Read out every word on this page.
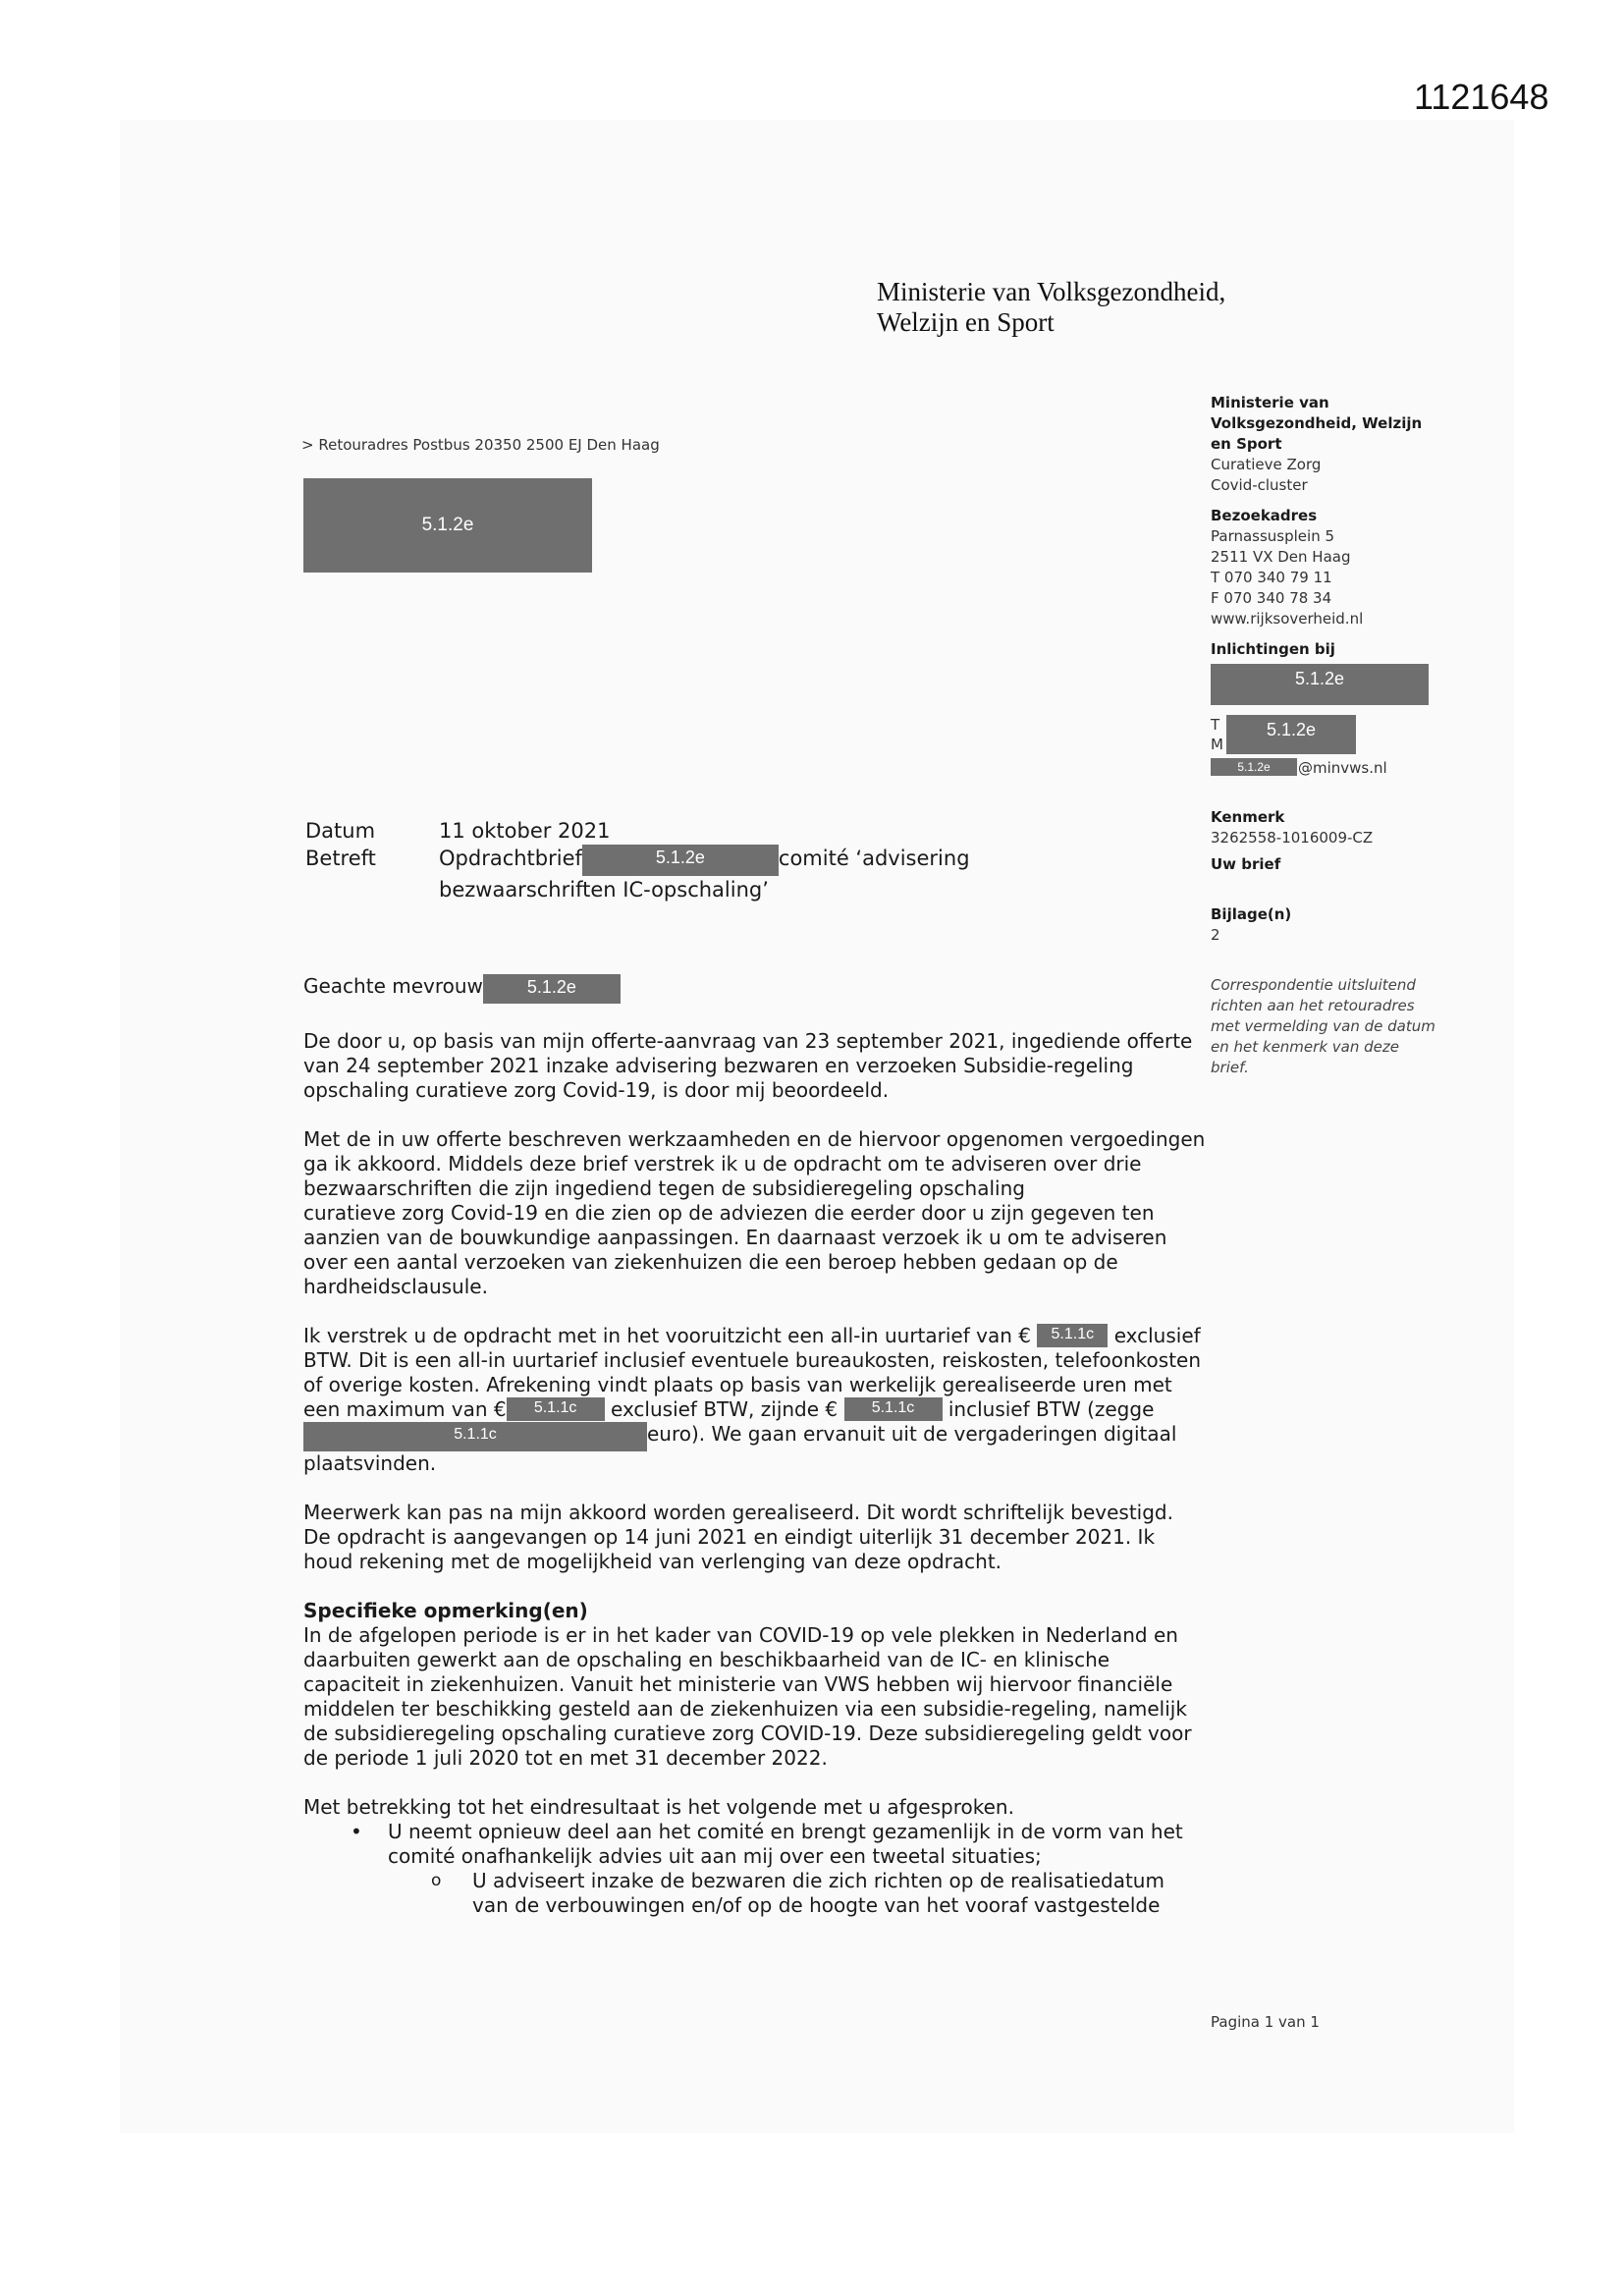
1121648
Ministerie van Volksgezondheid,
Welzijn en Sport
> Retouradres Postbus 20350 2500 EJ Den Haag
5.1.2e
Ministerie van
Volksgezondheid, Welzijn
en Sport
Curatieve Zorg
Covid-cluster
Bezoekadres
Parnassusplein 5
2511 VX Den Haag
T 070 340 79 11
F 070 340 78 34
www.rijksoverheid.nl
Inlichtingen bij
5.1.2e
T
M
5.1.2e
5.1.2e	@minvws.nl
Kenmerk
3262558-1016009-CZ
Uw brief
Bijlage(n)
2
Correspondentie uitsluitend
richten aan het retouradres
met vermelding van de datum
en het kenmerk van deze
brief.
Datum	11 oktober 2021
Betreft	Opdrachtbrief	5.1.2e	comité ‘advisering
bezwaarschriften IC-opschaling’
Geachte mevrouw 5.1.2e

De door u, op basis van mijn offerte-aanvraag van 23 september 2021, ingediende offerte van 24 september 2021 inzake advisering bezwaren en verzoeken Subsidie-regeling opschaling curatieve zorg Covid-19, is door mij beoordeeld.

Met de in uw offerte beschreven werkzaamheden en de hiervoor opgenomen vergoedingen ga ik akkoord. Middels deze brief verstrek ik u de opdracht om te adviseren over drie bezwaarschriften die zijn ingediend tegen de subsidieregeling opschaling

curatieve zorg Covid-19 en die zien op de adviezen die eerder door u zijn gegeven ten aanzien van de bouwkundige aanpassingen. En daarnaast verzoek ik u om te adviseren over een aantal verzoeken van ziekenhuizen die een beroep hebben gedaan op de hardheidsclausule.

Ik verstrek u de opdracht met in het vooruitzicht een all-in uurtarief van € 5.1.1c exclusief BTW. Dit is een all-in uurtarief inclusief eventuele bureaukosten, reiskosten, telefoonkosten of overige kosten. Afrekening vindt plaats op basis van werkelijk gerealiseerde uren met een maximum van € 5.1.1c exclusief BTW, zijnde € 5.1.1c inclusief BTW (zegge5.1.1c	euro). We gaan ervanuit uit de vergaderingen digitaal plaatsvinden.

Meerwerk kan pas na mijn akkoord worden gerealiseerd. Dit wordt schriftelijk bevestigd. De opdracht is aangevangen op 14 juni 2021 en eindigt uiterlijk 31 december 2021. Ik houd rekening met de mogelijkheid van verlenging van deze opdracht.

Specifieke opmerking(en)

In de afgelopen periode is er in het kader van COVID-19 op vele plekken in Nederland en daarbuiten gewerkt aan de opschaling en beschikbaarheid van de IC- en klinische capaciteit in ziekenhuizen. Vanuit het ministerie van VWS hebben wij hiervoor financiële middelen ter beschikking gesteld aan de ziekenhuizen via een subsidie-regeling, namelijk de subsidieregeling opschaling curatieve zorg COVID-19. Deze subsidieregeling geldt voor de periode 1 juli 2020 tot en met 31 december 2022.

Met betrekking tot het eindresultaat is het volgende met u afgesproken.

• U neemt opnieuw deel aan het comité en brengt gezamenlijk in de vorm van het comité onafhankelijk advies uit aan mij over een tweetal situaties;
o U adviseert inzake de bezwaren die zich richten op de realisatiedatum van de verbouwingen en/of op de hoogte van het vooraf vastgestelde
Pagina 1 van 1
